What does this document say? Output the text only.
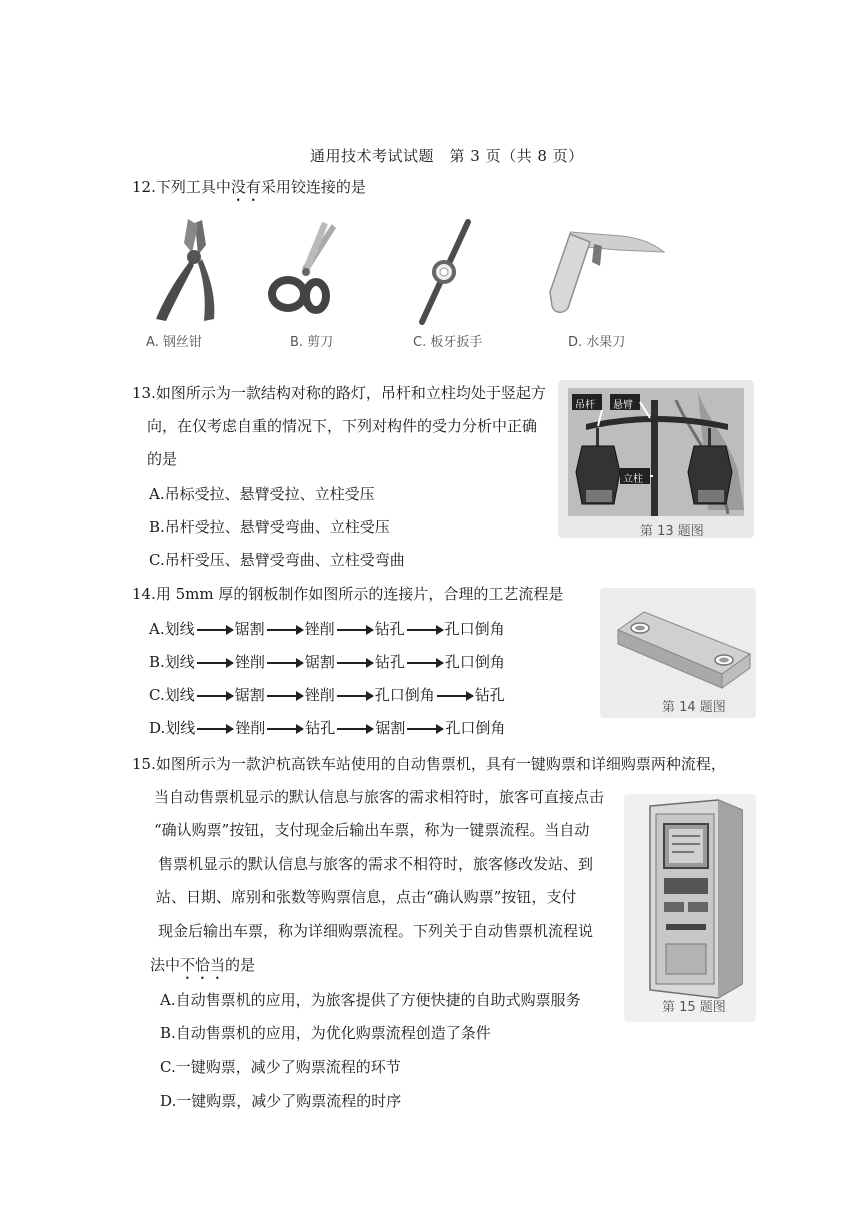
通用技术考试试题　第 3 页（共 8 页）
12.下列工具中没有采用铰连接的是
A. 钢丝钳	B. 剪刀	C. 板牙扳手	D. 水果刀
13.如图所示为一款结构对称的路灯，吊杆和立柱均处于竖起方
向，在仅考虑自重的情况下，下列对构件的受力分析中正确
的是
A.吊标受拉、悬臂受拉、立柱受压
B.吊杆受拉、悬臂受弯曲、立柱受压
C.吊杆受压、悬臂受弯曲、立柱受弯曲
吊杆 悬臂
立柱
第 13 题图
14.用 5mm 厚的钢板制作如图所示的连接片，合理的工艺流程是
A. 划线	锯割	锉削	钻孔	孔口倒角
B. 划线	锉削	锯割	钻孔	孔口倒角
C. 划线	锯割	锉削	孔口倒角	钻孔
D. 划线	锉削	钻孔	锯割	孔口倒角
第 14 题图
15.如图所示为一款沪杭高铁车站使用的自动售票机，具有一键购票和详细购票两种流程，
当自动售票机显示的默认信息与旅客的需求相符时，旅客可直接点击
“确认购票”按钮，支付现金后输出车票，称为一键票流程。当自动
售票机显示的默认信息与旅客的需求不相符时，旅客修改发站、到
站、日期、席别和张数等购票信息，点击“确认购票”按钮，支付
现金后输出车票，称为详细购票流程。下列关于自动售票机流程说
法中不恰当的是
A.自动售票机的应用，为旅客提供了方便快捷的自助式购票服务
B.自动售票机的应用，为优化购票流程创造了条件
C.一键购票，减少了购票流程的环节
D.一键购票，减少了购票流程的时序
第 15 题图
